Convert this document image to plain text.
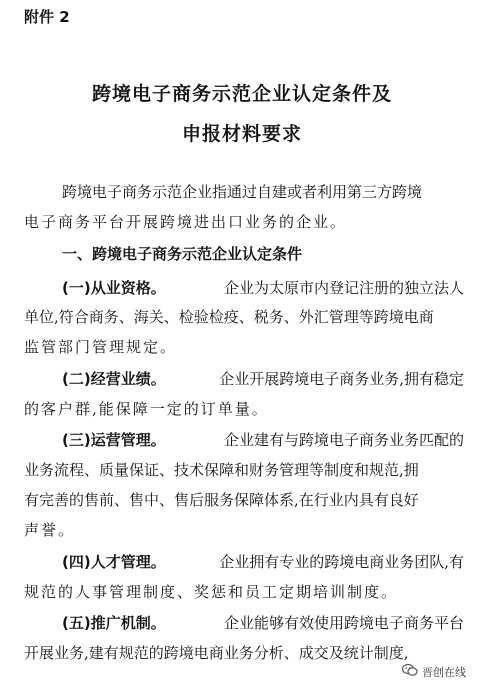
附件 2
跨境电子商务示范企业认定条件及
申报材料要求
跨境电子商务示范企业指通过自建或者利用第三方跨境
电子商务平台开展跨境进出口业务的企业。
一、跨境电子商务示范企业认定条件
(一)从业资格。	企业为太原市内登记注册的独立法人
单位,符合商务、海关、检验检疫、税务、外汇管理等跨境电商
监管部门管理规定。
(二)经营业绩。	企业开展跨境电子商务业务,拥有稳定
的客户群,能保障一定的订单量。
(三)运营管理。	企业建有与跨境电子商务业务匹配的
业务流程、质量保证、技术保障和财务管理等制度和规范,拥
有完善的售前、售中、售后服务保障体系,在行业内具有良好
声誉。
(四)人才管理。	企业拥有专业的跨境电商业务团队,有
规范的人事管理制度、奖惩和员工定期培训制度。
(五)推广机制。	企业能够有效使用跨境电子商务平台
开展业务,建有规范的跨境电商业务分析、成交及统计制度,
晋创在线
